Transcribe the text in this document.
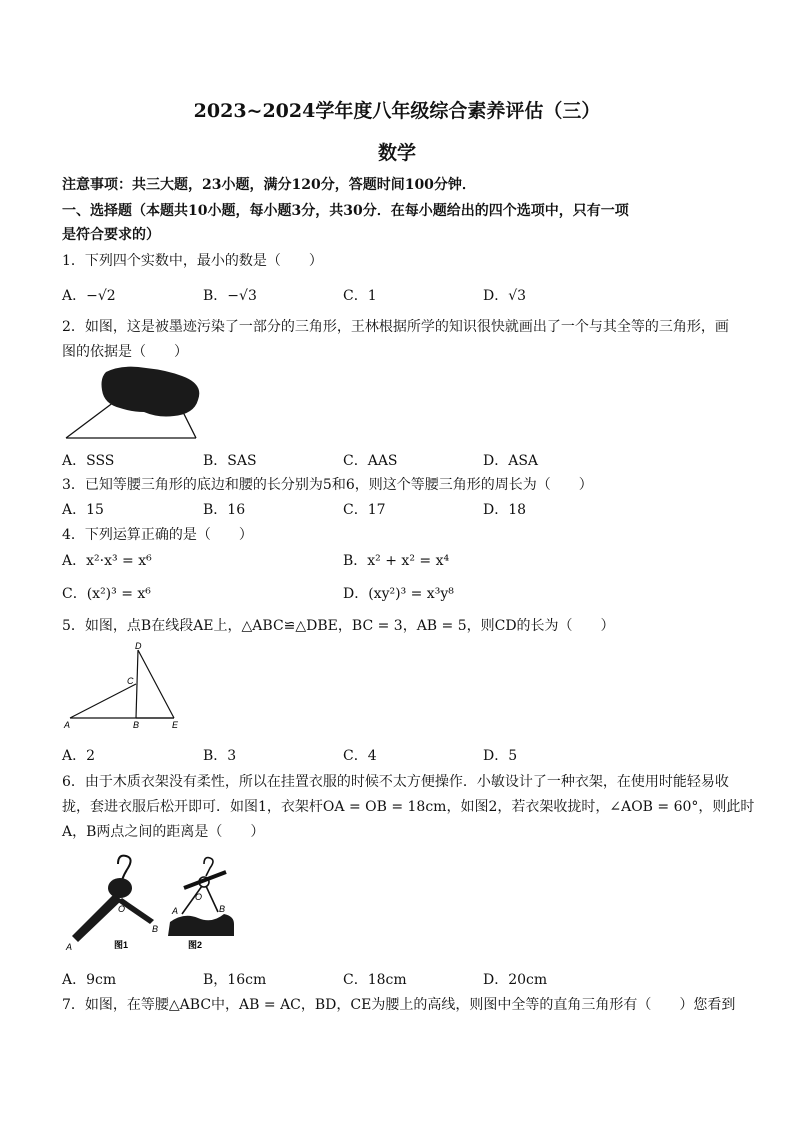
2023~2024学年度八年级综合素养评估（三）
数学
注意事项：共三大题，23小题，满分120分，答题时间100分钟．
一、选择题（本题共10小题，每小题3分，共30分．在每小题给出的四个选项中，只有一项
是符合要求的）
1．下列四个实数中，最小的数是（　　）
A．−√2	B．−√3	C．1	D．√3
2．如图，这是被墨迹污染了一部分的三角形，王林根据所学的知识很快就画出了一个与其全等的三角形，画
图的依据是（　　）
A．SSS	B．SAS	C．AAS	D．ASA
3．已知等腰三角形的底边和腰的长分别为5和6，则这个等腰三角形的周长为（　　）
A．15	B．16	C．17	D．18
4．下列运算正确的是（　　）
A．x²·x³ = x⁶	B．x² + x² = x⁴
C．(x²)³ = x⁶	D．(xy²)³ = x³y⁸
5．如图，点B在线段AE上，△ABC≌△DBE，BC = 3，AB = 5，则CD的长为（　　）
A	B
C
D
E
A．2	B．3	C．4	D．5
6．由于木质衣架没有柔性，所以在挂置衣服的时候不太方便操作．小敏设计了一种衣架，在使用时能轻易收
拢，套进衣服后松开即可．如图1，衣架杆OA = OB = 18cm，如图2，若衣架收拢时，∠AOB = 60°，则此时
A，B两点之间的距离是（　　）
O
A
B
图1
O
A	B
图2
A．9cm	B，16cm	C．18cm	D．20cm
7．如图，在等腰△ABC中，AB = AC，BD，CE为腰上的高线，则图中全等的直角三角形有（　　）您看到
